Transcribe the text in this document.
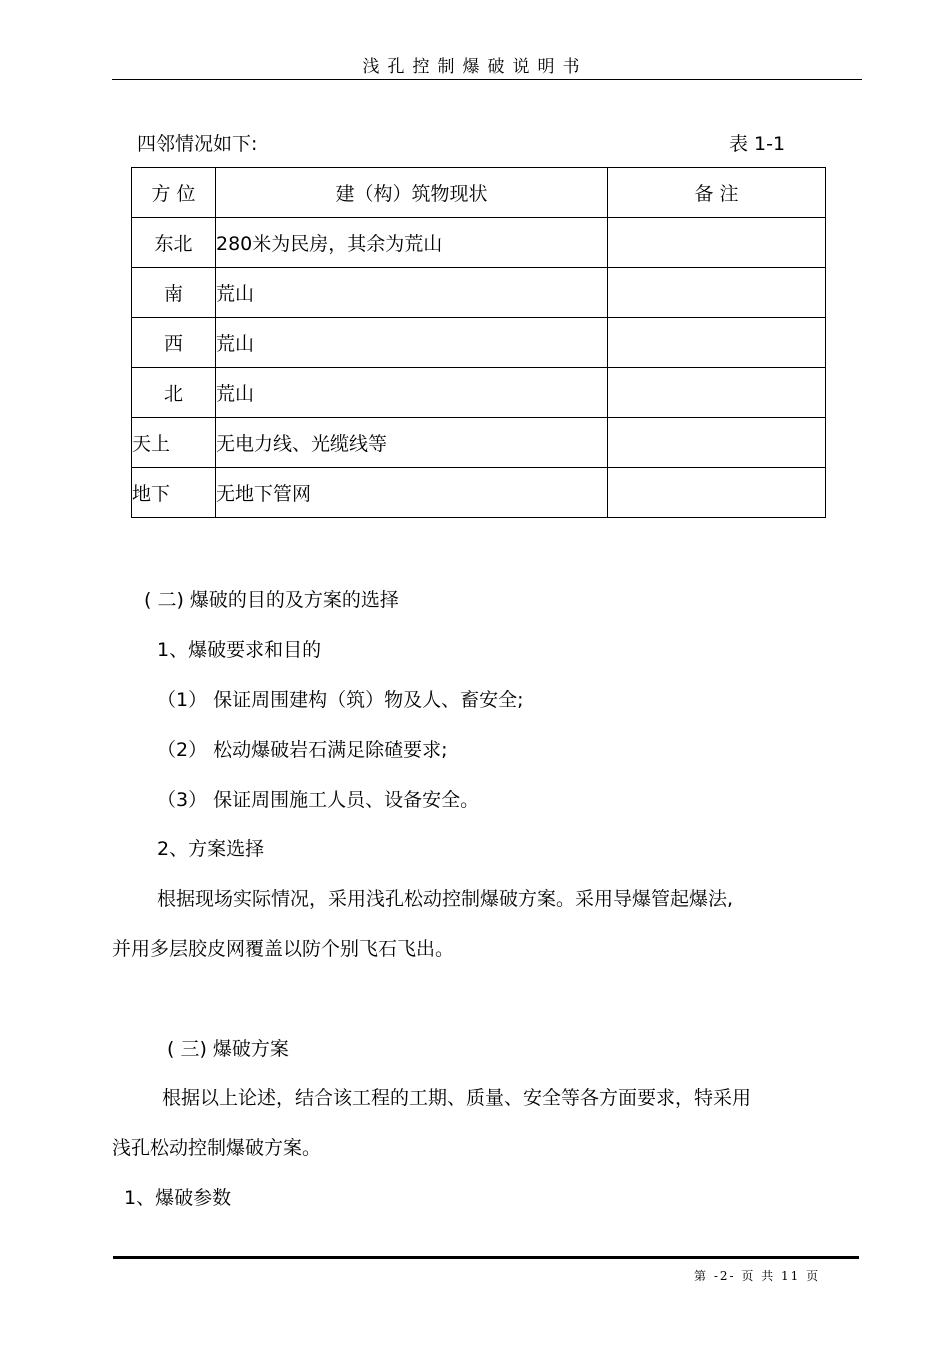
浅孔控制爆破说明书
四邻情况如下:	表 1-1
方 位	建（构）筑物现状	备 注
东北	280米为民房，其余为荒山	
南	荒山	
西	荒山	
北	荒山	
天上	无电力线、光缆线等	
地下	无地下管网	
( 二) 爆破的目的及方案的选择
1、爆破要求和目的
（1） 保证周围建构（筑）物及人、畜安全;
（2） 松动爆破岩石满足除碴要求;
（3） 保证周围施工人员、设备安全。
2、方案选择
根据现场实际情况，采用浅孔松动控制爆破方案。采用导爆管起爆法,
并用多层胶皮网覆盖以防个别飞石飞出。
( 三) 爆破方案
根据以上论述，结合该工程的工期、质量、安全等各方面要求，特采用
浅孔松动控制爆破方案。
1、爆破参数
第 -2- 页 共 11 页
